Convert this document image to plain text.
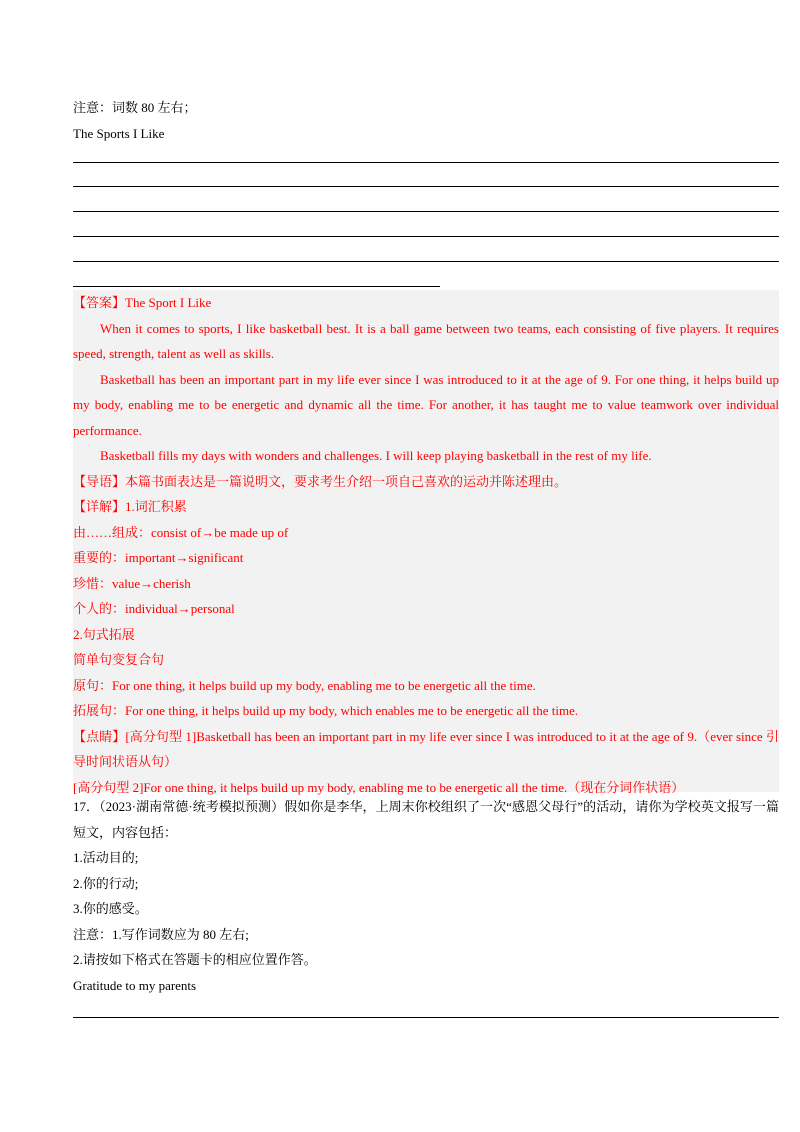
注意：词数 80 左右；
The Sports I Like
【答案】The Sport I Like
When it comes to sports, I like basketball best. It is a ball game between two teams, each consisting of five players. It requires speed, strength, talent as well as skills.
Basketball has been an important part in my life ever since I was introduced to it at the age of 9. For one thing, it helps build up my body, enabling me to be energetic and dynamic all the time. For another, it has taught me to value teamwork over individual performance.
Basketball fills my days with wonders and challenges. I will keep playing basketball in the rest of my life.
【导语】本篇书面表达是一篇说明文，要求考生介绍一项自己喜欢的运动并陈述理由。
【详解】1.词汇积累
由……组成：consist of→be made up of
重要的：important→significant
珍惜：value→cherish
个人的：individual→personal
2.句式拓展
简单句变复合句
原句：For one thing, it helps build up my body, enabling me to be energetic all the time.
拓展句：For one thing, it helps build up my body, which enables me to be energetic all the time.
【点睛】[高分句型 1]Basketball has been an important part in my life ever since I was introduced to it at the age of 9.（ever since 引导时间状语从句）
[高分句型 2]For one thing, it helps build up my body, enabling me to be energetic all the time.（现在分词作状语）
17．（2023·湖南常德·统考模拟预测）假如你是李华，上周末你校组织了一次“感恩父母行”的活动，请你为学校英文报写一篇短文，内容包括：
1.活动目的;
2.你的行动;
3.你的感受。
注意：1.写作词数应为 80 左右;
2.请按如下格式在答题卡的相应位置作答。
Gratitude to my parents
